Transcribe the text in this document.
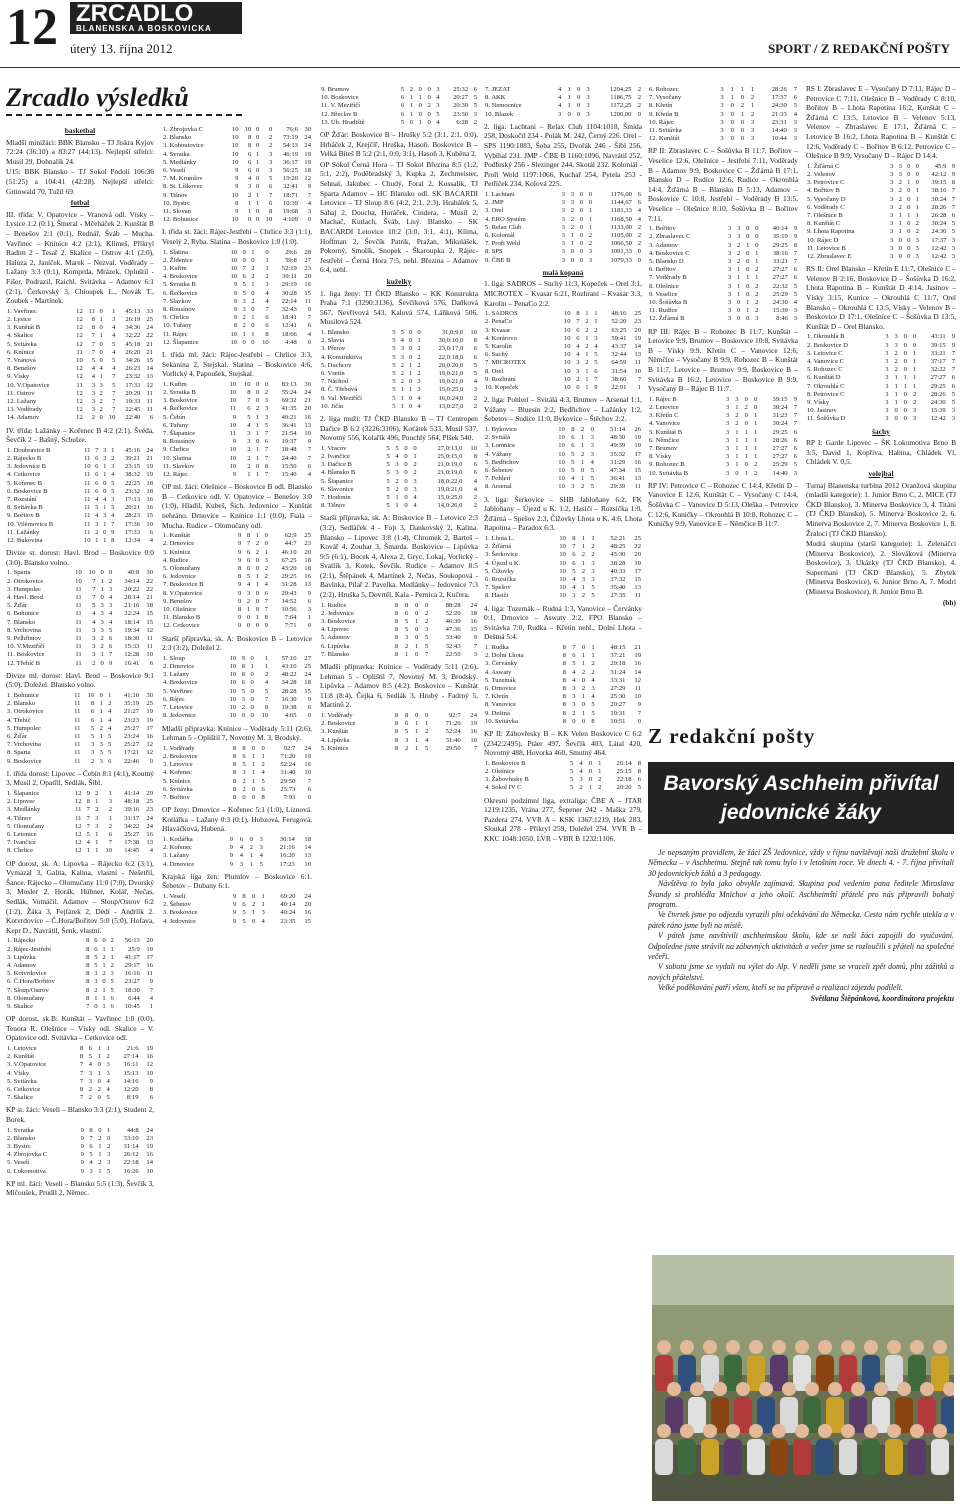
12 ZRCADLO
BLANENSKA A BOSKOVICKA
úterý 13. října 2012	SPORT / Z REDAKČNÍ POŠTY
Zrcadlo výsledků
basketbal

Mladší minižáci: BBK Blansko – TJ Jiskra Kyjov 72:24 (36:10) a 83:27 (44:13). Nejlepší střelci: Musil 29, Dohnalík 24.

U15: BBK Blansko – TJ Sokol Podolí 106:36 (51:25) a 104:41 (42:28). Nejlepší střelci: Grünwald 70, Tužil 69.

fotbal

III. třída: V. Opatovice – Vranová odl. Vísky – Lysice 1:2 (0:1), Šmeral - Mčeháček 2. Kunštát B – Benešov 2:1 (0:1), Rednář, Šváb – Mucha. Vavřinec – Knínice 4:2 (2:1), Klimeš, Příkryl Radim 2 - Tesař 2. Skalice – Ostrov 4:1 (2:0), Haluza 2, Janíček, Marek – Nezval. Voděrady – Lažany 3:3 (0:1), Komprda, Mrázek, Opluštil - Fišer, Podrazil, Raichl. Svitávka – Adamov 6:1 (2:1), Čerkovský 3, Chloupek L., Novák T., Zoubek - Martínek.

1. Vavřinec	12	11	0	1	45:13	33
2. Lysice	12	8	1	3	26:19	25
3. Kunštát B	12	8	0	4	34:36	24
4. Skalice	12	7	1	4	32:22	22
5. Svitávka	12	7	0	5	45:18	21
6. Knínice	11	7	0	4	26:20	21
7. Vranová	10	5	0	5	34:26	15
8. Benešov	12	4	4	4	26:23	14
9. Vísky	12	4	1	7	23:32	13
10. V.Opatovice	11	3	3	5	17:33	12
11. Ostrov	12	3	2	7	20:29	11
12. Lažany	12	3	2	7	19:33	11
13. Voděrady	12	3	2	7	22:45	11
14. Adamov	12	2	0	10	22:40	6

IV. třída: Lažánky – Kořenec B 4:2 (2:1), Švéda, Ševčík 2 – Bašný, Schulze.

1. Doubravice B	11	7	3	1	45:16	24
2. Rájecko B	11	6	3	2	39:21	21
3. Jedovnice B	10	6	1	3	23:15	19
4. Cetkovice	11	6	1	4	38:32	19
5. Kořenec B	11	6	0	5	22:25	18
6. Boskovice B	11	6	0	5	23:32	18
7. Rozstání	11	4	4	3	17:13	16
8. Svitávka B	11	5	1	5	20:21	16
9. Bořitov B	11	4	3	4	28:23	15
10. Vilémovice B	11	3	1	7	17:36	10
11. Lažánky	11	2	0	9	17:33	6
12. Bukovina	10	1	1	8	12:34	4

Divize st. dorost: Havl. Brod – Boskovice 0:0 (3:0). Blansko volno.

1. Sparta	10	10	0	0	40:8	30
2. Otrokovice	10	7	1	2	34:14	22
3. Humpolec	11	7	1	3	20:22	22
4. Havl. Brod	11	7	0	4	28:14	21
5. Žďár	11	5	3	3	21:16	18
6. Bohunice	11	4	3	4	32:24	15
7. Blansko	11	4	3	4	18:14	15
8. Vrchovina	11	3	3	5	19:34	12
9. Pelhřimov	11	3	2	6	18:30	11
10. V.Meziříčí	11	3	2	6	15:33	11
11. Boskovice	11	3	1	7	12:28	10
12. Třebíč B	11	2	0	9	16:41	6

Divize ml. dorost: Havl. Brod – Boskovice 9:1 (5:0), Doležel. Blansko volno.

1. Bohunice	11	10	0	1	41:10	30
2. Blansko	11	8	1	2	35:19	25
3. Otrokovice	11	6	1	4	21:27	19
4. Třebíč	11	6	1	4	23:23	19
5. Humpolec	11	5	2	4	25:27	17
6. Žďár	11	5	1	5	23:24	16
7. Vrchovina	11	3	3	5	25:27	12
8. Sparta	11	3	3	5	17:21	12
9. Boskovice	11	2	3	6	22:46	9

1. třída dorost: Lipovec – Čebín 8:1 (4:1), Koutný 3, Musil 2, Opatřil, Sedlák, Šíbl.

1. Šlapanice	12	9	2	1	41:14	29
2. Lipovec	12	8	1	3	48:18	25
3. Medlánky	11	7	2	2	39:16	23
4. Tišnov	11	7	3	1	31:17	24
5. Olomučany	12	7	3	2	34:22	24
6. Letonice	12	5	1	6	25:27	16
7. Ivančice	12	4	1	7	17:38	13
8. Chrlice	12	1	1	10	14:45	4

OP dorost, sk. A: Lipovka – Rájecko 6:2 (3:1), Vymazal 3, Galita, Kalina, vlastní - Nešetřil, Šance. Rájecko – Olomučany 11:0 (7:0), Dvorský 3, Mosler 2, Horák, Hübner, Kolář, Nečas, Sedlák, Vomáčil. Adamov – Sloup/Ostrov 6:2 (1:2), Žáka 3, Fejfárek 2, Dédí - Andrlík 2. Kotvrdovice – Č.Hora/Bořitov 5:0 (5:0), Hofava, Kepr D., Navrátil, Šenk, vlastní.

1. Rájecko	8	6	0	2	56:13	20
2. Rájec-Jestřebí	8	6	1	1	25:9	19
3. Lipůvka	8	5	2	1	41:17	17
4. Adamov	8	5	1	2	29:17	16
5. Kotvrdovice	8	3	2	3	16:16	11
6. Č.Hora/Bořitov	8	3	0	5	23:27	9
7. Sloup/Ostrov	8	2	1	5	18:30	7
8. Olomučany	8	1	1	6	6:44	4
9. Skalice	7	0	1	6	10:45	1

OP dorost, sk.B: Kunštát – Vavřinec 1:0 (0:0), Tenora R. Olešnice – Vísky odl. Skalice – V. Opatovice odl. Svitávka – Cetkovice odl.

1. Letovice	8	6	1	1	21:6	19
2. Kunštát	8	5	1	2	27:14	16
3. V.Opatovice	7	4	0	3	16:11	12
4. Vísky	7	3	1	3	15:13	10
5. Svitávka	7	3	0	4	14:16	9
6. Cetkovice	8	2	2	4	12:20	8
7. Skalice	7	2	0	5	8:19	6

KP st. žáci: Veselí – Blansko 3:3 (2:1), Student 2, Borek.

1. Svratka	9	8	0	1	44:8	24
2. Blansko	9	7	2	0	33:10	23
3. Bystrc	9	6	1	2	31:14	19
4. Zbrojovka C	9	5	1	3	26:12	16
5. Veselí	9	4	2	3	22:18	14
6. Lokomotiva	9	3	1	5	16:26	10

KP ml. žáci: Veselí – Blansko 5:5 (1:3), Ševčík 3, Mlčoušek, Prudil 2, Němec.

1. Zbrojovka C	10	10	0	0	76:6	30
2. Blansko	10	8	0	2	73:19	24
3. Kohoutovice	10	8	0	2	54:13	24
4. Svratka	10	6	1	3	46:19	19
5. Medlánky	10	6	1	3	36:17	19
6. Veselí	9	6	0	3	56:25	18
7. M. Krumlov	9	4	0	5	19:20	12
8. St. Líškovec	9	3	0	6	32:41	9
9. Tišnov	10	2	1	7	18:71	7
10. Bystrc	8	1	1	6	10:39	4
11. Slovan	9	1	0	8	19:68	3
12. Bohunice	10	0	0	10	4:109	0

I. třída st. žáci: Rájec-Jestřebí – Chrlice 3:3 (1:1), Veselý 2, Ryba. Slatina – Boskovice 1:0 (1:0).

1. Slatina	10	9	1	0	29:6	28
2. Židenice	10	9	0	1	59:8	27
3. Kuřim	10	7	2	1	52:19	23
4. Boskovice	10	6	2	2	39:11	20
5. Svratka B	9	5	1	3	29:19	16
6. Řečkovice	9	5	0	4	30:28	15
7. Slavkov	9	3	2	4	22:14	11
8. Rousínov	9	3	0	7	32:43	9
9. Chrlice	9	2	1	6	18:41	7
10. Tuřany	8	2	0	6	12:41	6
11. Rájec	10	1	1	8	18:66	4
12. Šlapanice	10	0	0	10	4:48	0

I. třída ml. žáci: Rájec-Jestřebí – Chrlice 3:3, Sekanina 2, Stejskal. Slatina – Boskovice 4:6, Vorlický 4, Papoušek, Stejskal.

1. Kuřim	10	10	0	0	83:13	30
2. Svratka B	10	8	0	2	55:24	24
3. Boskovice	10	7	0	3	69:32	21
4. Řečkovice	11	6	2	3	41:35	20
5. Čebín	9	5	1	3	49:21	16
6. Tuřany	10	4	1	5	36:41	13
7. Šlapanice	11	3	1	7	21:54	10
8. Rousínov	9	3	0	6	19:37	9
9. Chrlice	10	2	1	7	18:48	7
10. Slatina	10	2	1	7	24:40	7
11. Slavkov	10	2	0	8	15:50	6
12. Rájec	9	1	1	7	15:40	4

OP ml. žáci: Olešnice – Boskovice B odl. Blansko B – Cetkovice odl. V. Opatovice – Benešov 3:0 (1:0), Hladil, Kubeš, Šich. Jedovnice – Kunštát nehráno. Drnovice – Knínice 1:1 (0:0), Fiala – Mucha. Rudice – Olomučany odl.

1. Kunštát	9	8	1	0	62:9	25
2. Drnovice	9	7	2	0	44:7	23
3. Knínice	9	6	2	1	46:10	20
4. Rudice	9	6	0	3	67:25	18
5. Olomučany	8	6	0	2	43:20	18
6. Jedovnice	8	5	1	2	29:25	16
7. Boskovice B	9	4	1	4	31:28	13
8. V.Opatovice	9	3	0	6	29:43	9
9. Benešov	9	2	0	7	14:52	6
10. Olešnice	8	1	0	7	10:56	3
11. Blansko B	9	0	1	8	7:64	1
12. Cetkovice	9	0	0	9	7:71	0

Starší přípravka, sk. A: Boskovice B – Letovice 2:3 (3:2), Doležel 2.

1. Sloup	10	9	0	1	57:10	27
2. Drnovice	10	8	1	1	43:10	25
3. Lažany	10	8	0	2	48:22	24
4. Boskovice	10	6	0	4	34:28	18
5. Vavřinec	10	5	0	5	28:28	15
6. Rájec	10	3	0	7	16:30	9
7. Letovice	10	2	0	8	19:38	6
8. Jedovnice	10	0	0	10	4:65	0

Mladší přípravka: Knínice – Voděrady 5:11 (2:6), Lehman 5 - Oplištil 7, Novotný M. 3, Brodský.

1. Voděrady	8	8	0	0	92:7	24
2. Boskovice	8	6	1	1	71:20	19
3. Letovice	8	5	1	2	52:24	16
4. Kořenec	8	3	1	4	31:40	10
5. Knínice	8	2	1	5	29:50	7
6. Svitávka	8	2	0	6	25:73	6
7. Bořitov	8	0	0	8	7:93	0

OP ženy: Drnovice – Kořenec 5:1 (1:0), Liznová. Kotlářka – Lažany 0:3 (0:1), Hobzová, Ferugová, Hlaváčková, Hubená.

1. Kotlářka	9	6	0	3	36:14	18
2. Kořenec	9	4	2	3	21:16	14
3. Lažany	9	4	1	4	16:20	13
4. Drnovice	9	3	1	5	17:23	10

Krajská liga žen: Plumlov – Boskovice 6:1. Šebetov – Dubany 6:1.

1. Veselí	9	8	0	1	69:20	24
2. Šebetov	9	6	2	1	40:14	20
3. Boskovice	9	5	1	3	40:24	16
4. Jedovnice	9	5	0	4	23:35	15
9. Brumov	5	2	0	0	3	25:32	6
10. Boskovice	6	1	1	0	4	20:27	5
11. V. Meziříčí	6	1	0	2	3	20:30	5
12. Břeclav B	6	1	0	0	5	23:30	3
13. Uh. Hradiště	5	0	1	0	4	6:28	2

OP Žďár: Boskovice B – Hrušky 5:2 (3:1, 2:1, 0:0), Hrbáček 2, Krejčíř, Hruška, Hasoň. Boskovice B – Velká Bíteš B 5:2 (2:1, 0:0, 3:1), Hasoň 3, Kuběna 2.

OP Sokol Černá Hora – TJ Sokol Březina 8:5 (1:2, 5:1, 2:2), Poděbradský 3, Kupka 2, Zechmeister, Sehnal, Jakubec - Chudý, Foral 2, Kossalík, TJ Sparta Adamov – HC Blansko odl. SK BACARDI Letovice – TJ Sloup 8:6 (4:2, 2:1, 2:3), Hrabálek 5, Sahaj 2, Doucha, Horáček, Cindera, - Musil 2, Machač, Kutlach, Šváb, Lisý. Blansko – SK BACARDI Letovice 10:2 (3:0, 3:1, 4:1), Klíma, Hoffman 2, Ševčík Patrik, Pražan, Mikulášek, Pokorný, Smolík, Snopek - Škaroupka 2. Rájec-Jestřebí – Černá Hora 7:5, nehl. Březina – Adamov 6:4, nehl.

kuželky

1. liga ženy: TJ ČKD Blansko – KK Konstrukta Praha 7:1 (3290:3136), Ševčíková 576, Daňková 567, Nevřivová 543, Kalová 574, Láňková 506, Musilová 524.

1. Blansko	5	5	0	0	31,0:9,0	10
2. Slavia	5	4	0	1	30,0:10,0	8
3. Přerov	5	3	0	2	23,0:17,0	6
4. Konstruktiva	5	3	0	2	22,0:18,0	6
5. Duchcov	5	2	1	2	20,0:20,0	5
6. Vsetín	5	2	1	2	19,0:21,0	5
7. Náchod	5	2	0	3	19,0:21,0	4
8. Č. Třebová	5	1	1	3	15,0:25,0	3
9. Val. Meziříčí	5	1	0	4	16,0:24,0	2
10. Jičín	5	1	0	4	13,0:27,0	2

2. liga muži: TJ ČKD Blansko B – TJ Centropen Dačice B 6:2 (3226:3106), Koťátek 533, Musil 537, Novotný 556, Kolařík 496, Pouchlý 564, Plšek 540.

1. Vracov	5	5	0	0	27,0:13,0	10
2. Ivančice	5	4	0	1	25,0:15,0	8
3. Dačice B	5	3	0	2	21,0:19,0	6
4. Blansko B	5	3	0	2	21,0:19,0	6
5. Šlapanice	5	2	0	3	18,0:22,0	4
6. Slavonice	5	2	0	3	19,0:21,0	4
7. Hodonín	5	1	0	4	15,0:25,0	2
8. Tišnov	5	1	0	4	14,0:26,0	2

Starší přípravka, sk. A: Boskovice B – Letovice 2:3 (3:2), Sedláček 4 - Fojt 3, Dankovský 2, Kalina. Blansko – Lipovec 3:8 (1:4), Chromek 2, Bartoš - Kovář 4, Zouhar 3, Šmarda. Boskovice – Lipůvka 9:5 (6:1), Bocek 4, Alexa 2, Gryc, Lokaj, Vorlický - Svatlík 3, Kotek, Ševčík. Rudice – Adamov 8:5 (2:1), Štěpánek 4, Martínek 2, Nečas, Soukopová - Bavlnka, Pilař 2. Pavelka. Medlánky – Jedovnice 7:3 (2:2), Hruška 5, Dovrtěl, Kala - Pernica 2, Kučera.

1. Rudice	8	8	0	0	88:28	24
2. Jedovnice	8	6	0	2	52:20	18
3. Boskovice	8	5	1	2	46:30	16
4. Lipovec	8	5	0	3	47:36	15
5. Adamov	8	3	0	5	33:40	9
6. Lipůvka	8	2	1	5	32:43	7
7. Blansko	8	1	0	7	22:50	3

Mladší přípravka: Knínice – Voděrady 5:11 (2:6), Lehman 5 - Oplištil 7, Novotný M. 3, Brodský. Lipůvka – Adamov 8:5 (4:2). Boskovice – Kunštát 11:8 (8:4), Čejka 6, Sedlák 3, Hrubý - Fadrný 5, Martinů 2.

1. Voděrady	8	8	0	0	92:7	24
2. Boskovice	8	6	1	1	71:20	19
3. Kunštát	8	5	1	2	52:24	16
4. Lipůvka	8	3	1	4	31:40	10
5. Knínice	8	2	1	5	29:50	7
7. JEZAT	4	1	0	3	1204,25	2
8. AKK	4	1	0	3	1186,75	2
9. Nemocnice	4	1	0	3	1172,25	2
10. Blazek	3	0	0	3	1200,00	0

2. liga: Lachtani – Relax Club 1104:1018, Šmída 258, Doskočil 234 - Polák M. 242, Černý 226. Orel – SPS 1190:1083, Šoba 255, Dvořák 246 - Šíbl 256, Vybíhal 231. JMP - ČBE B 1160:1096, Navrátil 252, Podbrský 256 - Slezinger 244, Skotál 232. Koloniál - Proři Weld 1197:1066, Kuchař 254, Pytela 253 - Petříček 234, Kolová 225.

1. Lachtani	3	3	0	0	1176,00	6
2. JMP	3	3	0	0	1144,67	6
3. Orel	3	2	0	1	1181,33	4
4. ERO Systém	3	2	0	1	1168,50	4
5. Relax Club	3	2	0	1	1133,00	2
6. Koloniál	3	1	0	2	1105,00	2
7. Proři Weld	3	1	0	2	1066,50	2
8. SPS	3	0	0	3	1091,33	0
9. ČBE B	3	0	0	3	1079,33	0
malá kopaná

1. liga: SADROS – Suchý 11:3, Kopeček – Orel 3:1, MICROTEX – Kvasar 6:21, Rozhraní – Kvasar 3:3, Karolín – PenaCo 2:2.

1. SADROS	10	8	1	1	48:16	25
2. PenaCo	10	7	2	1	52:20	23
3. Kvasar	10	6	2	2	63:25	20
4. Korárovo	10	6	1	3	59:41	19
5. Karolín	10	4	2	4	43:37	14
6. Suchý	10	4	1	5	32:44	13
7. MICROTEX	10	3	2	5	64:59	11
8. Orel	10	3	1	6	31:54	10
9. Rozhraní	10	2	1	7	38:60	7
10. Kopeček	10	0	1	9	22:91	1

2. liga: Pohlerí – Svitálá 4:3, Brumov – Arsenal 1:1, Vážany – Bluesín 2:2, Bedřichov – Lažánky 1:2, Šebetov – Sudice 11:0, Bykovice – Štěchov 2:2.

1. Bykovice	10	8	2	0	51:14	26
2. Svitálá	10	6	1	3	48:30	19
3. Lomnice	10	6	1	3	49:39	19
4. Vážany	10	5	2	3	35:32	17
5. Bedřichov	10	5	1	4	31:29	16
6. Šebetov	10	5	0	5	47:34	15
7. Pohlerí	10	4	1	5	36:41	13
8. Arsenal	10	3	2	5	29:39	11

3. liga: Šerkovice – SHB Jabloňany 6:2, FK Jabloňany – Újezd u K. 1:2, Hasiči – Rozsička 1:0, Žďárná – Spešov 2:3, Čížovky Lhota u K. 4:6, Lhota Rapotina – Paradox 6:3.

1. Lhota L.	10	8	1	1	52:21	25
2. Žďárná	10	7	1	2	48:25	22
3. Šerkovice	10	6	2	2	45:30	20
4. Újezd u K.	10	6	1	3	38:28	19
5. Čížovky	10	5	2	3	40:33	17
6. Rozsička	10	4	3	3	37:32	15
7. Spešov	10	4	1	5	35:40	13
8. Hasiči	10	3	2	5	27:35	11

4. liga: Tuzemák – Rudná 1:3, Vanovice – Červánky 0:1, Drnovice – Aswaty 2:2, FPO Blansko – Svitávka 7:0, Rudka – Křetín nehl., Dolní Lhota – Deštná 5:4.

1. Rudka	8	7	0	1	48:15	21
2. Dolní Lhota	8	6	1	1	37:21	19
3. Červánky	8	5	1	2	29:18	16
4. Aswaty	8	4	2	2	31:24	14
5. Tuzemák	8	4	0	4	33:31	12
6. Drnovice	8	3	2	3	27:29	11
7. Křetín	8	3	1	4	25:30	10
8. Vanovice	8	3	0	5	20:27	9
9. Deštná	8	2	1	5	19:31	7
10. Svitávka	8	0	0	8	10:51	0

KP II: Zábovřesky B – KK Velen Boskovice C 6:2 (2342:2495), Ptáer 497, Ševčík 403, Látal 420, Novotný 488, Hovorka 460, Smutný 464.

1. Boskovice B	5	4	0	1	26:14	8
2. Olešnice	5	4	0	1	25:15	8
3. Žabovřesky B	5	3	0	2	22:18	6
4. Sokol IV C	5	2	1	2	20:20	5

Okresní podzimní liga, extraliga: ČBE A – JTAR 1219:1235, Vrána 277, Šepener 242 - Maška 279, Pazdera 274. VVR A – KSK 1367:1219, Hek 283, Sloukal 278 - Přikryl 259, Doležel 254. VVR B – KKC 1048:1050. LVR – VBR B 1232:1106.

6. Rohozec	3	1	1	1	28:26	7
7. Vysočany	3	1	0	2	17:37	6
8. Křetín	3	0	2	1	24:30	5
9. Křetín B	3	0	1	2	21:33	4
10. Rájec	3	0	0	3	23:31	3
11. Svitávka	3	0	0	3	14:40	3
12. Kunštát	3	0	0	3	10:44	3

RP II: Zbraslavec C – Šošůvka B 11:7, Bořitov – Veselice 12:6, Olešnice – Jestřebí 7:11, Voděrady B – Adamov 9:9, Boskovice C – Žďárná B 17:1, Blansko D – Rudice 12:6, Rudice – Okrouhlá 14:4, Žďárná B – Blansko D 5:13, Adamov – Boskovice C 10:8, Jestřebí – Voděrady B 13:5, Veselice – Olešnice 8:10, Šošůvka B – Bořitov 7:11.

1. Bořitov	3	3	0	0	40:14	9
2. Zbraslavec C	3	3	0	0	35:19	9
3. Adamov	3	2	1	0	29:25	8
4. Boskovice C	3	2	0	1	38:16	7
5. Blansko D	3	2	0	1	33:21	7
6. Bořitov	3	1	0	2	27:27	6
7. Voděrady B	3	1	1	1	27:27	6
8. Olešnice	3	1	0	2	22:32	5
9. Veselice	3	1	0	2	25:29	5
10. Šošůvka B	3	0	1	2	24:30	4
11. Rudice	3	0	1	2	15:39	3
12. Žďárná B	3	0	0	3	8:46	3

RP III: Rájec B – Rohozec B 11:7, Kunštát – Letovice 9:9, Brumov – Boskovice 10:8, Svitávka B – Vísky 9:9, Křetín C – Vanovice 12:6, Němčice – Vysočany B 9:9, Rohozec B – Kunštát B 11:7, Letovice – Brumov 9:9, Boskovice B – Svitávka B 16:2, Letovice – Boskovice B 9:9, Vysočany B – Rájec B 11:7.

1. Rájec B	3	3	0	0	39:15	9
2. Letovice	3	1	2	0	30:24	7
3. Křetín C	3	2	0	1	31:23	7
4. Vanovice	3	2	0	1	30:24	7
5. Kunštát B	3	1	1	1	29:25	6
6. Němčice	3	1	1	1	28:26	6
7. Brumov	3	1	1	1	27:27	6
8. Vísky	3	1	1	1	27:27	6
9. Rohozec B	3	1	0	2	25:29	5
10. Svitávka B	3	0	1	2	14:40	3

RP IV: Petrovice C – Rohozec C 14:4, Křetín D – Vanovice E 12:6, Kunštát C – Vysočany C 14:4, Šošůvka C – Vanovice D 5:13, Oleška – Petrovice C 12:6, Kuničky – Okrouhlá B 10:8, Rohozec C – Kuničky 9:9, Vanovice E – Němčice B 11:7.

RS I: Zbraslavec E – Vysočany D 7:11, Rájec D – Petrovice C 7:11, Olešnice B – Voděrady C 8:10, Bořitov B – Lhota Rapotina 16:2, Kunštát C – Žďárná C 13:5, Letovice B – Velenov 5:13, Velenov – Zbraslavec E 17:1, Žďárná C – Letovice B 16:2, Lhota Rapotina B – Kunštát C 12:6, Voděrady C – Bořitov B 6:12, Petrovice C – Olešnice B 9:9, Vysočany D – Rájec D 14:4.

1. Žďárná C	3	3	0	0	45:9	9
2. Velenov	3	3	0	0	42:12	9
3. Petrovice C	3	2	1	0	39:15	8
4. Bořitov B	3	2	0	1	38:16	7
5. Vysočany D	3	2	0	1	30:24	7
6. Voděrady C	3	2	0	1	28:26	7
7. Olešnice B	3	1	1	1	26:28	6
8. Kunštát C	3	1	0	2	30:24	5
9. Lhota Rapotina	3	1	0	2	24:30	5
10. Rájec D	3	0	0	3	17:37	3
11. Letovice B	3	0	0	3	12:42	3
12. Zbraslavec E	3	0	0	3	12:42	3

RS II: Orel Blansko – Křetín E 11:7, Olešnice C – Velenov B 2:16, Boskovice D – Šošůvka D 16:2, Lhota Rapotina B – Kunštát D 4:14, Jasinov – Vísky 3:15, Kunice – Okrouhlá C 11:7, Orel Blansko – Okrouhlá C 13:5, Vísky – Velenov B – Boskovice D 17:1, Olešnice C – Šošůvka D 13:5, Kunštát D – Orel Blansko.

1. Okrouhlá B	3	3	0	0	43:11	9
2. Boskovice D	3	3	0	0	39:15	9
3. Letovice C	3	2	0	1	33:21	7
4. Vanovice C	3	2	0	1	37:17	7
5. Rohozec C	3	2	0	1	32:22	7
6. Kunštát D	3	1	1	1	27:27	6
7. Okrouhlá C	3	1	1	1	29:25	6
8. Petrovice C	3	1	0	2	28:26	5
9. Vísky	3	1	0	2	24:30	5
10. Jasinov	3	0	0	3	15:39	3
11. Šošůvka D	3	0	0	3	12:42	3
šachy

RP I: Garde Lipovec – ŠK Lokomotiva Brno B 3:5, David 1, Kopřiva, Habina, Chládek Vl, Chládek V. 0,5.

volejbal

Turnaj Blanenska turbína 2012 Oranžová skupina (mladší kategorie): 1. Junior Brno C, 2. MICE (TJ ČKD Blansko), 3. Minerva Boskovice 3, 4. Titáni (TJ ČKD Blansko), 5. Minerva Boskovice 2, 6. Minerva Boskovice 2, 7. Minerva Boskovice 1, 8. Žraloci (TJ ČKD Blansko).

Modrá skupina (starší kategorie): 1. Zelenáčci (Minerva Boskovice), 2. Slováková (Minerva Boskovice), 3. Ukázky (TJ ČKD Blansko), 4. Supermani (TJ ČKD Blansko), 5. Zbytek (Minerva Boskovice), 6. Junior Brno A, 7. Modrí (Minerva Boskovice), 8. Junior Brno B.

(bh)

Z redakční pošty
Bavorský Aschheim přivítal jedovnické žáky

Je nepsaným pravidlem, že žáci ZŠ Jedovnice, vždy v říjnu navštěvují naši družební školu v Německu – v Aschheimu. Stejně tak tomu bylo i v letošním roce. Ve dnech 4. - 7. října přivítali 30 jedovnických žáků a 3 pedagogy.

Návštěva to byla jako obvykle zajímavá. Skupina pod vedením pana ředitele Miroslava Švandy si prohlédla Mnichov a jeho okolí. Aschheimští přátelé pro nás připravili bohatý program.

Ve čtvrtek jsme po odjezdu vyrazili plni očekávání do Německa. Cesta nám rychle utekla a v pátek ráno jsme byli na místě.

V pátek jsme navštívili aschheimskou školu, kde se naši žáci zapojili do vyučování. Odpoledne jsme strávili na zábavných aktivitách a večer jsme se rozloučili s přáteli na společné večeři.

V sobotu jsme se vydali na výlet do Alp. V neděli jsme se vraceli zpět domů, plni zážitků a nových přátelství.

Velké poděkování patří všem, kteří se na přípravě a realizaci zájezdu podíleli.

Světlana Štěpánková, koordinátora projektu
